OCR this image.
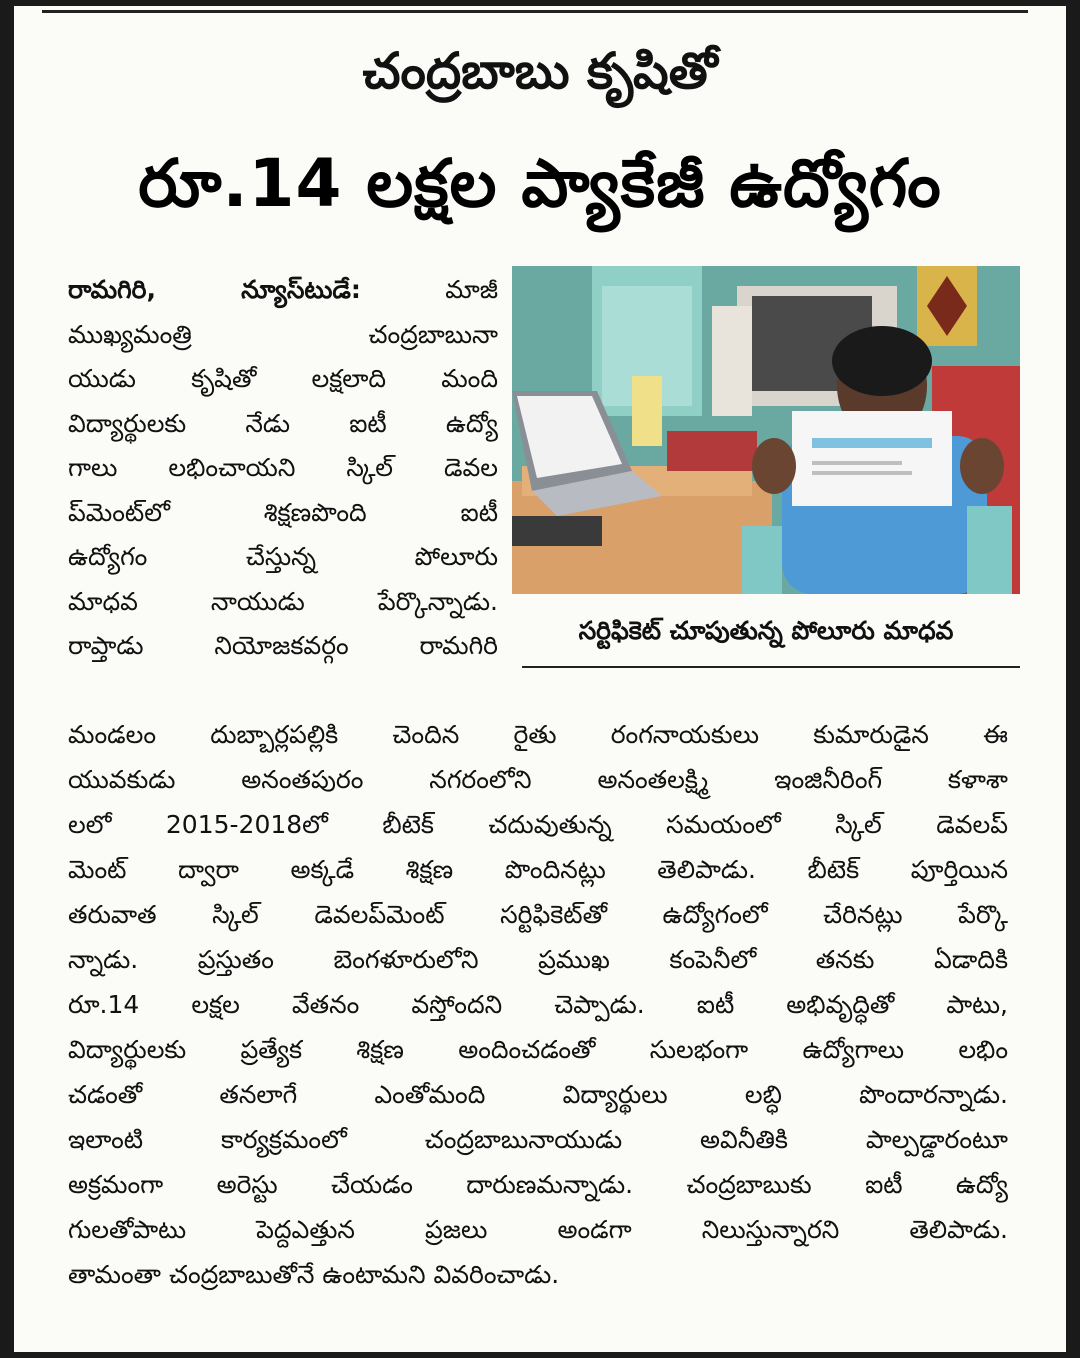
చంద్రబాబు కృషితో
రూ.14 లక్షల ప్యాకేజీ ఉద్యోగం
రామగిరి, న్యూస్‌టుడే:	మాజీ
ముఖ్యమంత్రి చంద్రబాబునా
యుడు కృషితో లక్షలాది మంది
విద్యార్థులకు నేడు ఐటీ ఉద్యో
గాలు లభించాయని స్కిల్ డెవల
ప్‌మెంట్‌లో శిక్షణపొంది ఐటీ
ఉద్యోగం చేస్తున్న పోలూరు
మాధవ నాయుడు పేర్కొన్నాడు.
రాప్తాడు నియోజకవర్గం రామగిరి
సర్టిఫికెట్ చూపుతున్న పోలూరు మాధవ
మండలం దుబ్బార్లపల్లికి చెందిన రైతు రంగనాయకులు కుమారుడైన ఈ
యువకుడు అనంతపురం నగరంలోని అనంతలక్ష్మి ఇంజినీరింగ్ కళాశా
లలో 2015-2018లో బీటెక్ చదువుతున్న సమయంలో స్కిల్ డెవలప్
మెంట్ ద్వారా అక్కడే శిక్షణ పొందినట్లు తెలిపాడు. బీటెక్ పూర్తియిన
తరువాత స్కిల్ డెవలప్‌మెంట్ సర్టిఫికెట్‌తో ఉద్యోగంలో చేరినట్లు పేర్కొ
న్నాడు. ప్రస్తుతం బెంగళూరులోని ప్రముఖ కంపెనీలో తనకు ఏడాదికి
రూ.14 లక్షల వేతనం వస్తోందని చెప్పాడు. ఐటీ అభివృద్ధితో పాటు,
విద్యార్థులకు ప్రత్యేక శిక్షణ అందించడంతో సులభంగా ఉద్యోగాలు లభిం
చడంతో తనలాగే ఎంతోమంది విద్యార్థులు లబ్ధి పొందారన్నాడు.
ఇలాంటి కార్యక్రమంలో చంద్రబాబునాయుడు అవినీతికి పాల్పడ్డారంటూ
అక్రమంగా అరెస్టు చేయడం దారుణమన్నాడు. చంద్రబాబుకు ఐటీ ఉద్యో
గులతోపాటు పెద్దఎత్తున ప్రజలు అండగా నిలుస్తున్నారని తెలిపాడు.
తామంతా చంద్రబాబుతోనే ఉంటామని వివరించాడు.
